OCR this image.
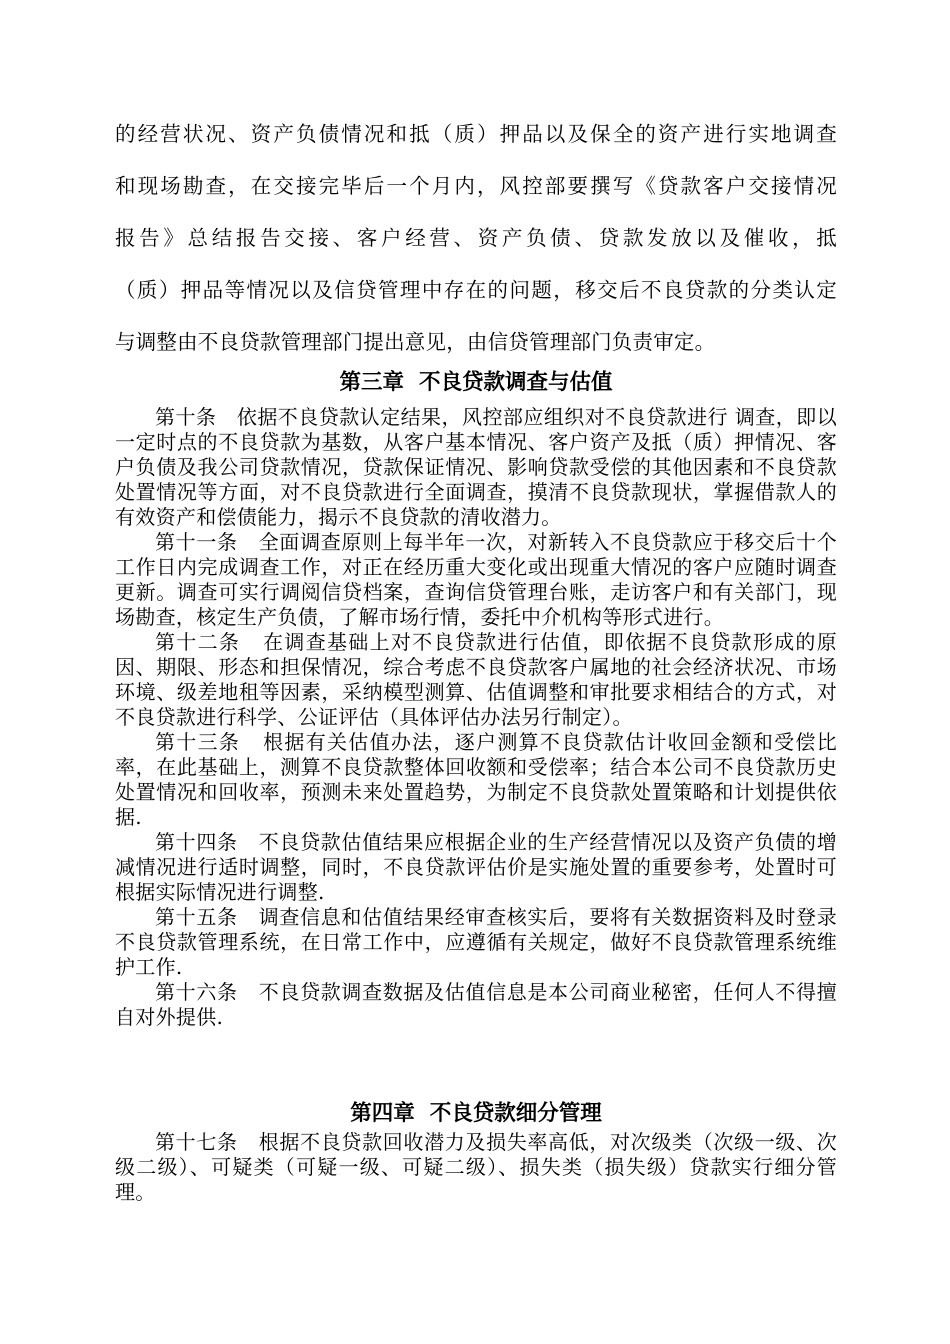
的经营状况、资产负债情况和抵（质）押品以及保全的资产进行实地调查
和现场勘查，在交接完毕后一个月内，风控部要撰写《贷款客户交接情况
报告》总结报告交接、客户经营、资产负债、贷款发放以及催收，抵
（质）押品等情况以及信贷管理中存在的问题，移交后不良贷款的分类认定
与调整由不良贷款管理部门提出意见，由信贷管理部门负责审定。
第三章  不良贷款调查与估值

第十条 依据不良贷款认定结果，风控部应组织对不良贷款进行 调查，即以一定时点的不良贷款为基数，从客户基本情况、客户资产及抵（质）押情况、客户负债及我公司贷款情况，贷款保证情况、影响贷款受偿的其他因素和不良贷款处置情况等方面，对不良贷款进行全面调查，摸清不良贷款现状，掌握借款人的有效资产和偿债能力，揭示不良贷款的清收潜力。

第十一条 全面调查原则上每半年一次，对新转入不良贷款应于移交后十个工作日内完成调查工作，对正在经历重大变化或出现重大情况的客户应随时调查更新。调查可实行调阅信贷档案，查询信贷管理台账，走访客户和有关部门，现场勘查，核定生产负债，了解市场行情，委托中介机构等形式进行。

第十二条 在调查基础上对不良贷款进行估值，即依据不良贷款形成的原因、期限、形态和担保情况，综合考虑不良贷款客户属地的社会经济状况、市场环境、级差地租等因素，采纳模型测算、估值调整和审批要求相结合的方式，对不良贷款进行科学、公证评估（具体评估办法另行制定）。

第十三条 根据有关估值办法，逐户测算不良贷款估计收回金额和受偿比率，在此基础上，测算不良贷款整体回收额和受偿率；结合本公司不良贷款历史处置情况和回收率，预测未来处置趋势，为制定不良贷款处置策略和计划提供依据.

第十四条 不良贷款估值结果应根据企业的生产经营情况以及资产负债的增减情况进行适时调整，同时，不良贷款评估价是实施处置的重要参考，处置时可根据实际情况进行调整.

第十五条 调查信息和估值结果经审查核实后，要将有关数据资料及时登录不良贷款管理系统，在日常工作中，应遵循有关规定，做好不良贷款管理系统维护工作.

第十六条 不良贷款调查数据及估值信息是本公司商业秘密，任何人不得擅自对外提供.

第四章  不良贷款细分管理

第十七条 根据不良贷款回收潜力及损失率高低，对次级类（次级一级、次级二级）、可疑类（可疑一级、可疑二级）、损失类（损失级）贷款实行细分管理。
